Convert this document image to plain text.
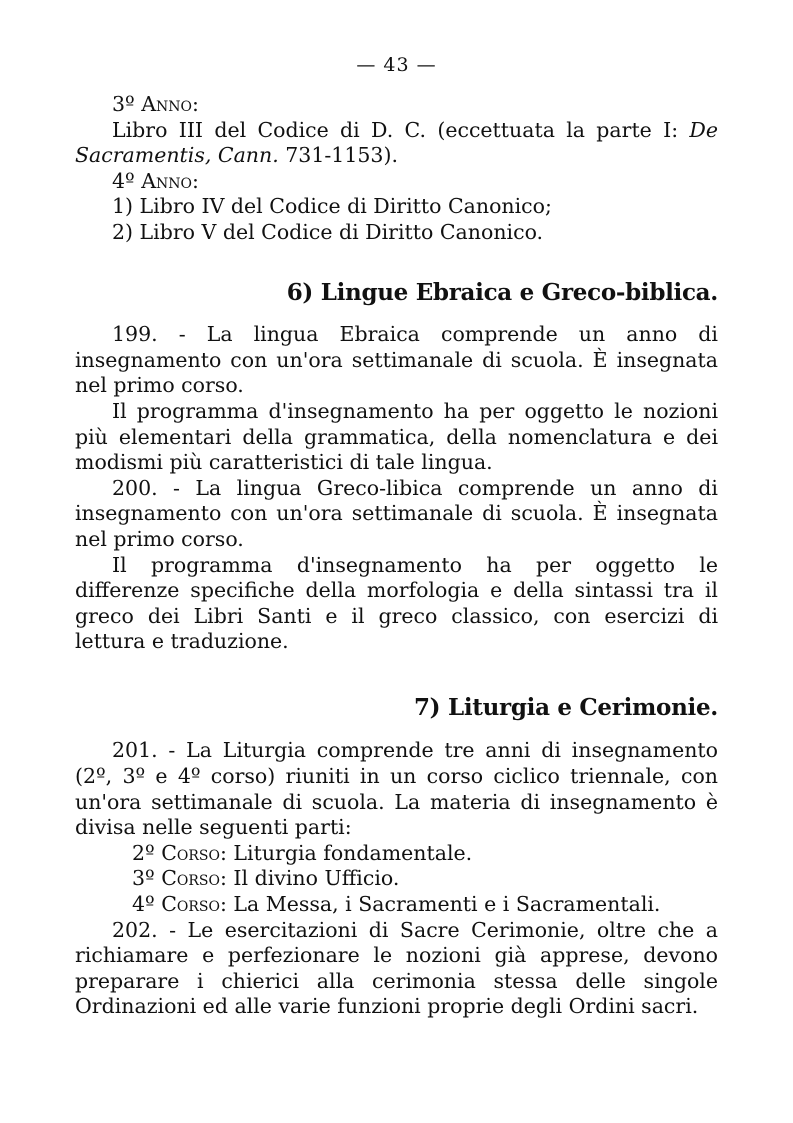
— 43 —

3º Anno:

Libro III del Codice di D. C. (eccettuata la parte I: De Sacramentis, Cann. 731-1153).

4º Anno:

1) Libro IV del Codice di Diritto Canonico;

2) Libro V del Codice di Diritto Canonico.

6) Lingue Ebraica e Greco-biblica.

199. - La lingua Ebraica comprende un anno di insegnamento con un'ora settimanale di scuola. È insegnata nel primo corso.

Il programma d'insegnamento ha per oggetto le nozioni più elementari della grammatica, della nomenclatura e dei modismi più caratteristici di tale lingua.

200. - La lingua Greco-libica comprende un anno di insegnamento con un'ora settimanale di scuola. È insegnata nel primo corso.

Il programma d'insegnamento ha per oggetto le differenze specifiche della morfologia e della sintassi tra il greco dei Libri Santi e il greco classico, con esercizi di lettura e traduzione.

7) Liturgia e Cerimonie.

201. - La Liturgia comprende tre anni di insegnamento (2º, 3º e 4º corso) riuniti in un corso ciclico triennale, con un'ora settimanale di scuola. La materia di insegnamento è divisa nelle seguenti parti:

2º Corso: Liturgia fondamentale.

3º Corso: Il divino Ufficio.

4º Corso: La Messa, i Sacramenti e i Sacramentali.

202. - Le esercitazioni di Sacre Cerimonie, oltre che a richiamare e perfezionare le nozioni già apprese, devono preparare i chierici alla cerimonia stessa delle singole Ordinazioni ed alle varie funzioni proprie degli Ordini sacri.
